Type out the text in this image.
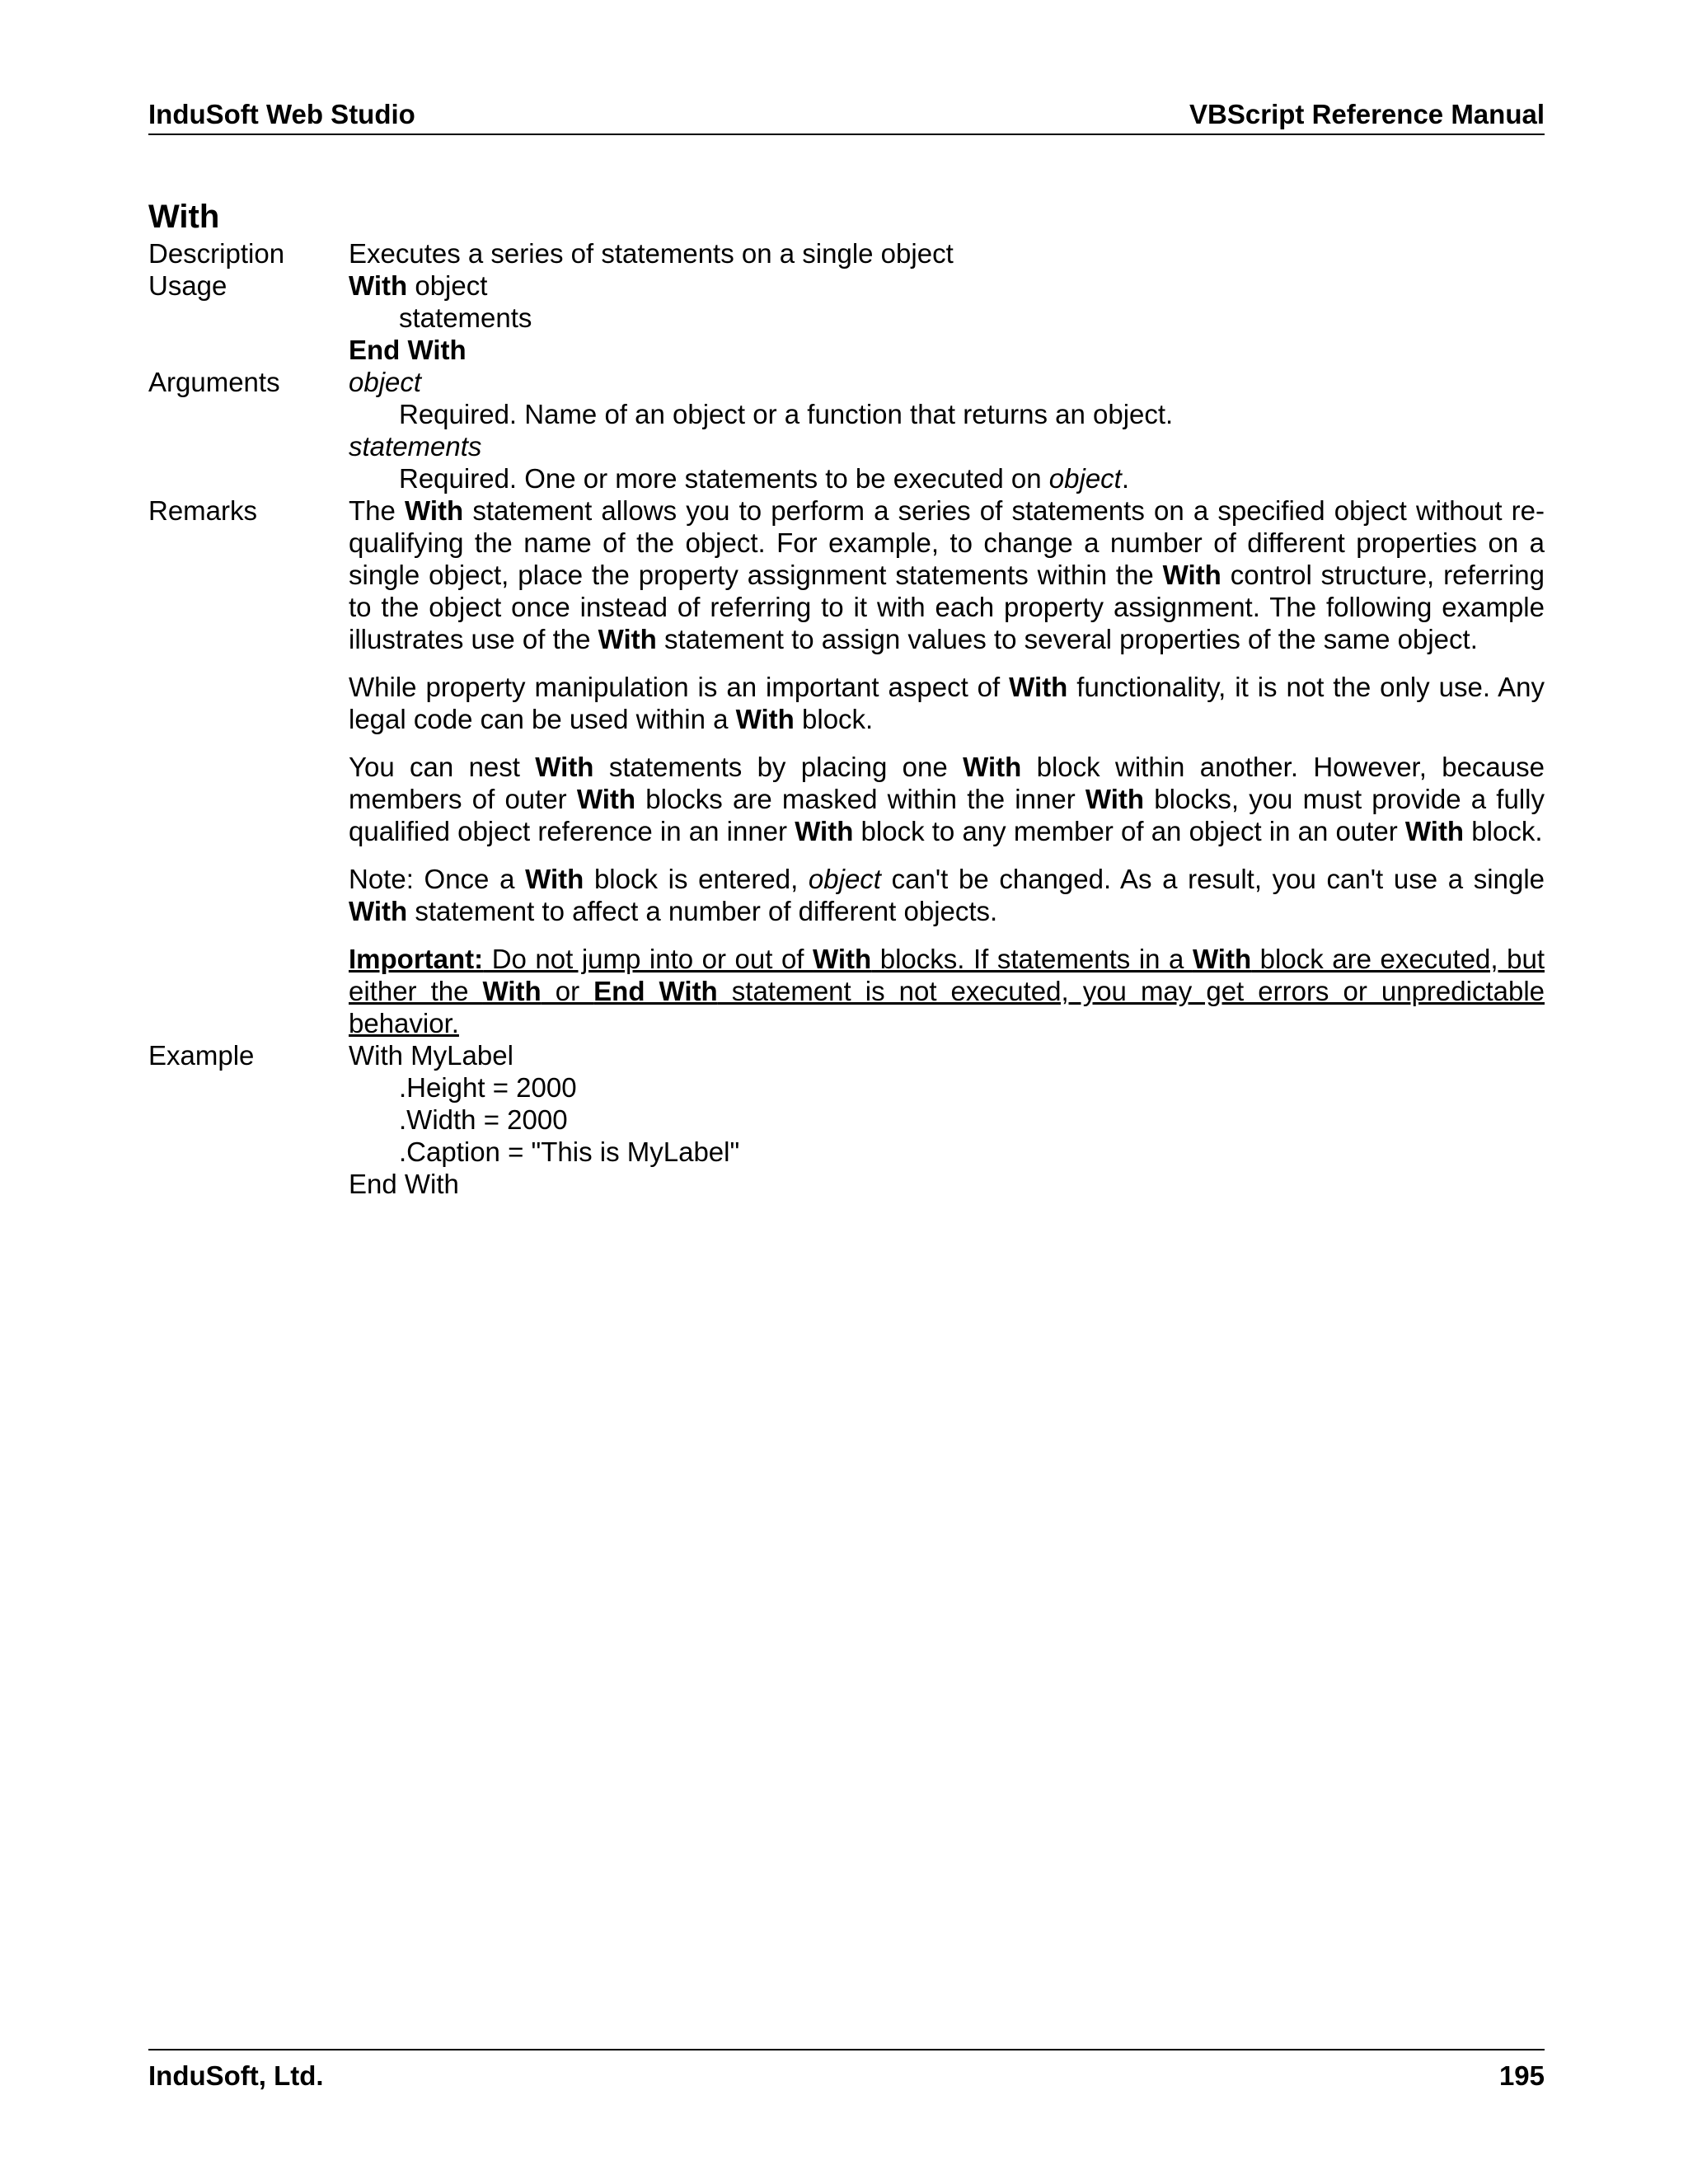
InduSoft Web Studio	VBScript Reference Manual
With
Description	Executes a series of statements on a single object
Usage	With object
statements
End With
Arguments	object
Required. Name of an object or a function that returns an object.
statements
Required. One or more statements to be executed on object.
Remarks	The With statement allows you to perform a series of statements on a specified object without re-qualifying the name of the object. For example, to change a number of different properties on a single object, place the property assignment statements within the With control structure, referring to the object once instead of referring to it with each property assignment. The following example illustrates use of the With statement to assign values to several properties of the same object.
While property manipulation is an important aspect of With functionality, it is not the only use. Any legal code can be used within a With block.
You can nest With statements by placing one With block within another. However, because members of outer With blocks are masked within the inner With blocks, you must provide a fully qualified object reference in an inner With block to any member of an object in an outer With block.
Note: Once a With block is entered, object can't be changed. As a result, you can't use a single With statement to affect a number of different objects.
Important: Do not jump into or out of With blocks. If statements in a With block are executed, but either the With or End With statement is not executed, you may get errors or unpredictable behavior.
Example	With MyLabel
.Height = 2000
.Width = 2000
.Caption = "This is MyLabel"
End With
InduSoft, Ltd.	195
